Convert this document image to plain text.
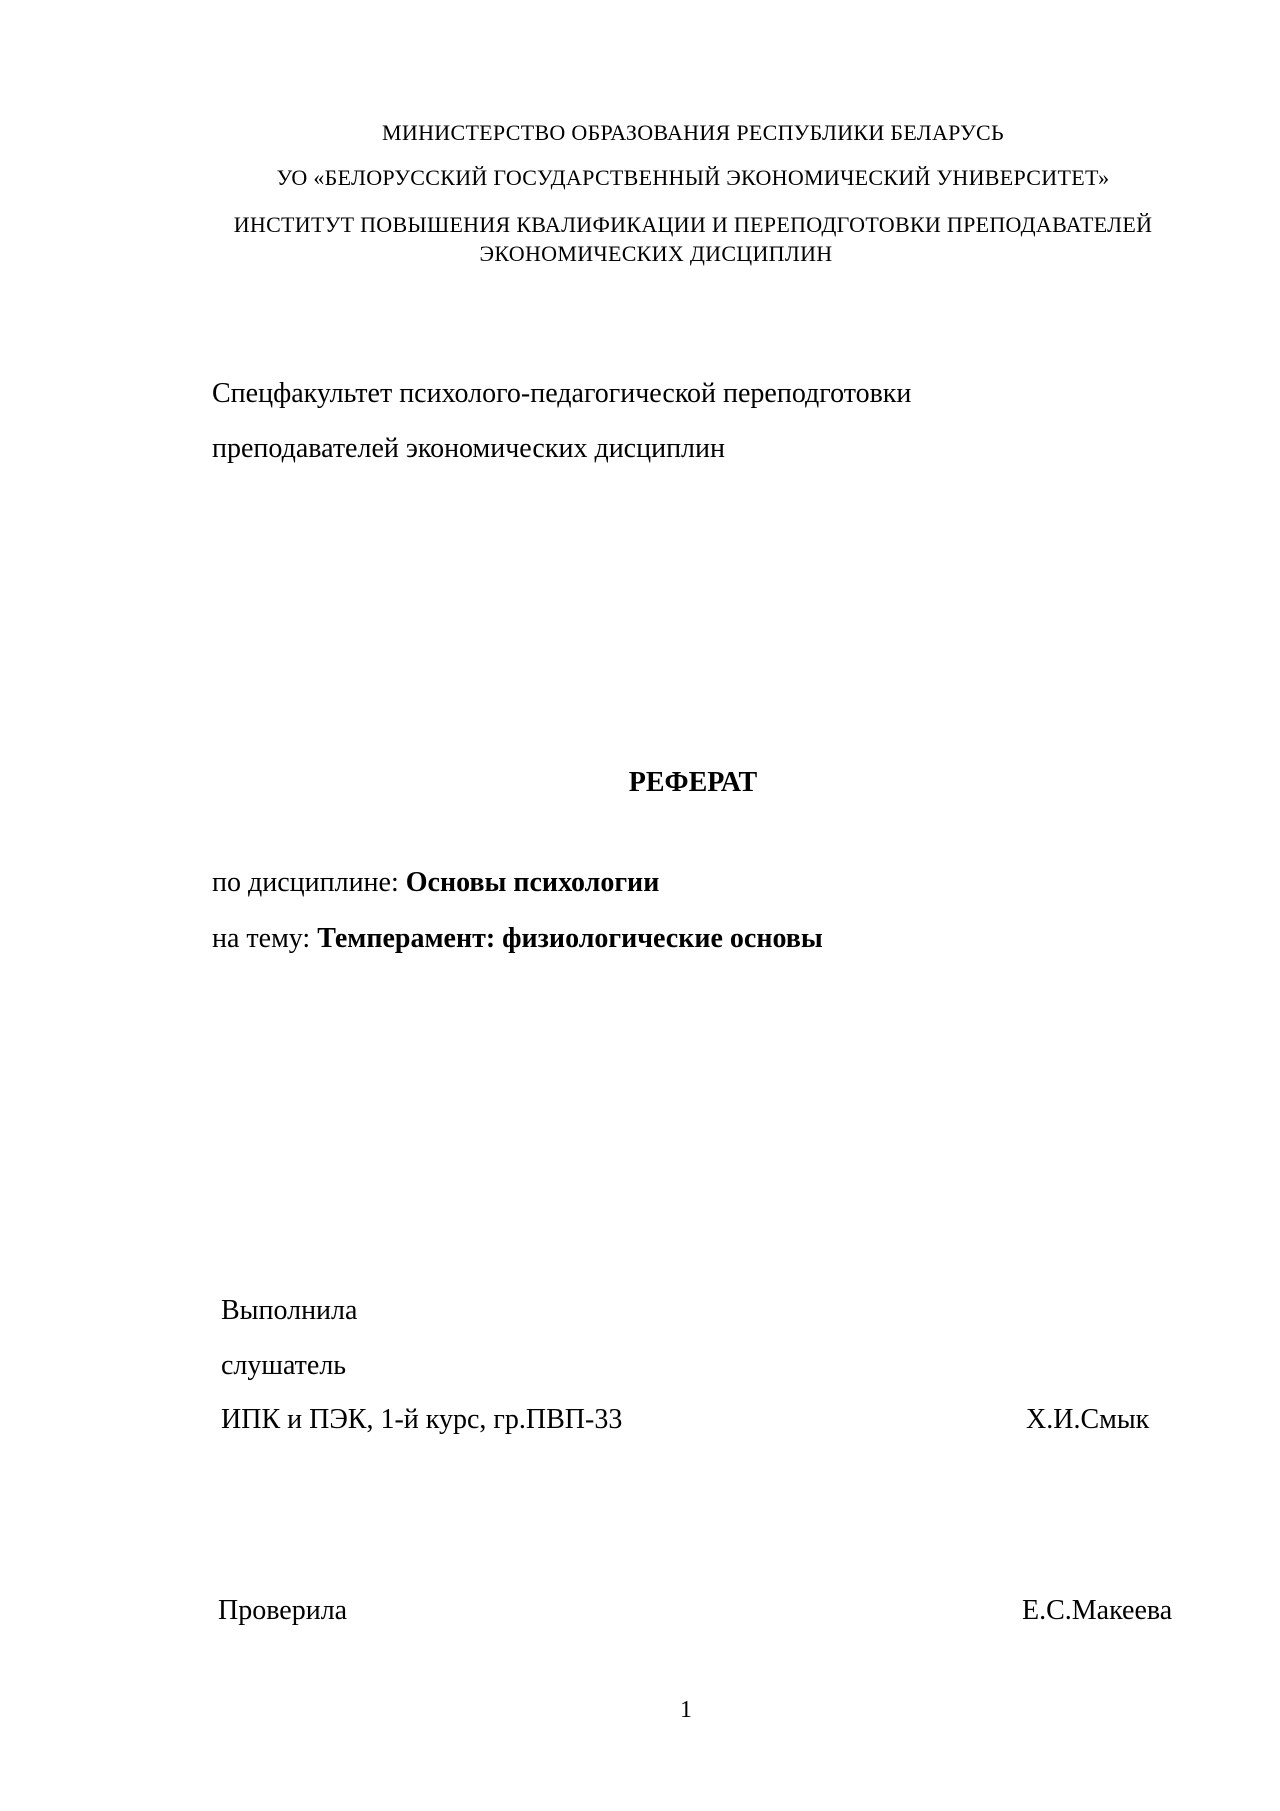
МИНИСТЕРСТВО ОБРАЗОВАНИЯ РЕСПУБЛИКИ БЕЛАРУСЬ
УО «БЕЛОРУССКИЙ ГОСУДАРСТВЕННЫЙ ЭКОНОМИЧЕСКИЙ УНИВЕРСИТЕТ»
ИНСТИТУТ ПОВЫШЕНИЯ КВАЛИФИКАЦИИ И ПЕРЕПОДГОТОВКИ ПРЕПОДАВАТЕЛЕЙ
ЭКОНОМИЧЕСКИХ ДИСЦИПЛИН
Спецфакультет психолого-педагогической переподготовки
преподавателей экономических дисциплин
РЕФЕРАТ
по дисциплине: Основы психологии
на тему: Темперамент: физиологические основы
Выполнила
слушатель
ИПК и ПЭК, 1-й курс, гр.ПВП-33	Х.И.Смык
Проверила	Е.С.Макеева
1
